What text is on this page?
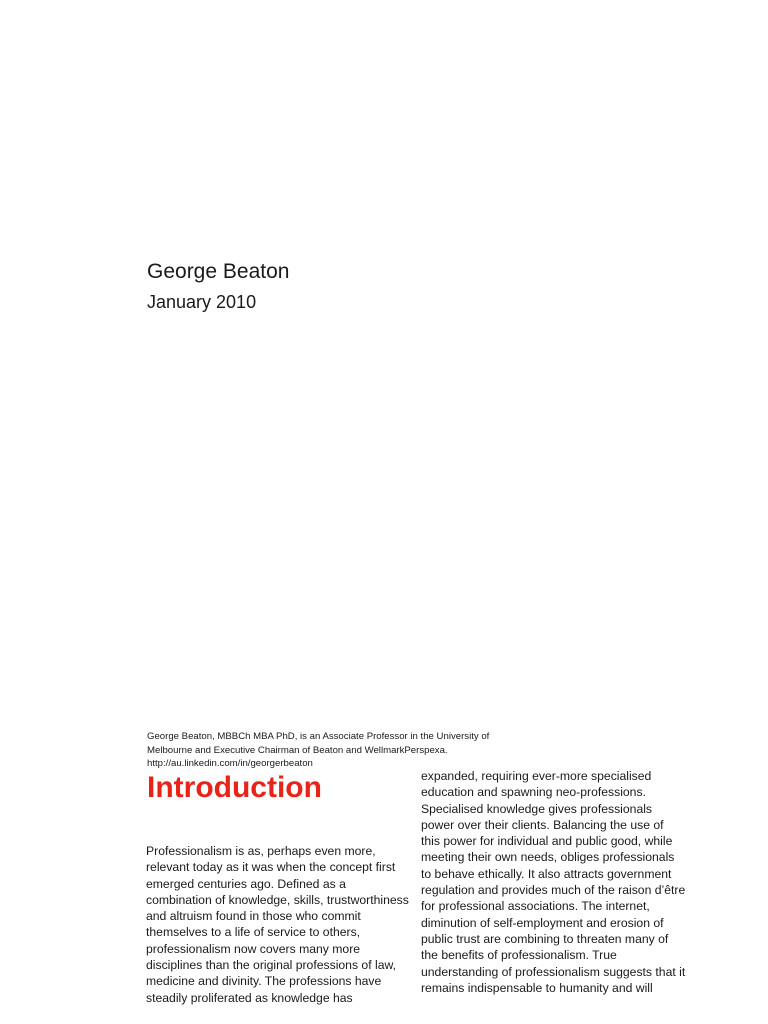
George Beaton
January 2010
George Beaton, MBBCh MBA PhD, is an Associate Professor in the University of
Melbourne and Executive Chairman of Beaton and WellmarkPerspexa.
http://au.linkedin.com/in/georgerbeaton
Introduction
Professionalism is as, perhaps even more,
relevant today as it was when the concept first
emerged centuries ago. Defined as a
combination of knowledge, skills, trustworthiness
and altruism found in those who commit
themselves to a life of service to others,
professionalism now covers many more
disciplines than the original professions of law,
medicine and divinity. The professions have
steadily proliferated as knowledge has
expanded, requiring ever-more specialised
education and spawning neo-professions.
Specialised knowledge gives professionals
power over their clients. Balancing the use of
this power for individual and public good, while
meeting their own needs, obliges professionals
to behave ethically. It also attracts government
regulation and provides much of the raison d’être
for professional associations. The internet,
diminution of self-employment and erosion of
public trust are combining to threaten many of
the benefits of professionalism. True
understanding of professionalism suggests that it
remains indispensable to humanity and will
